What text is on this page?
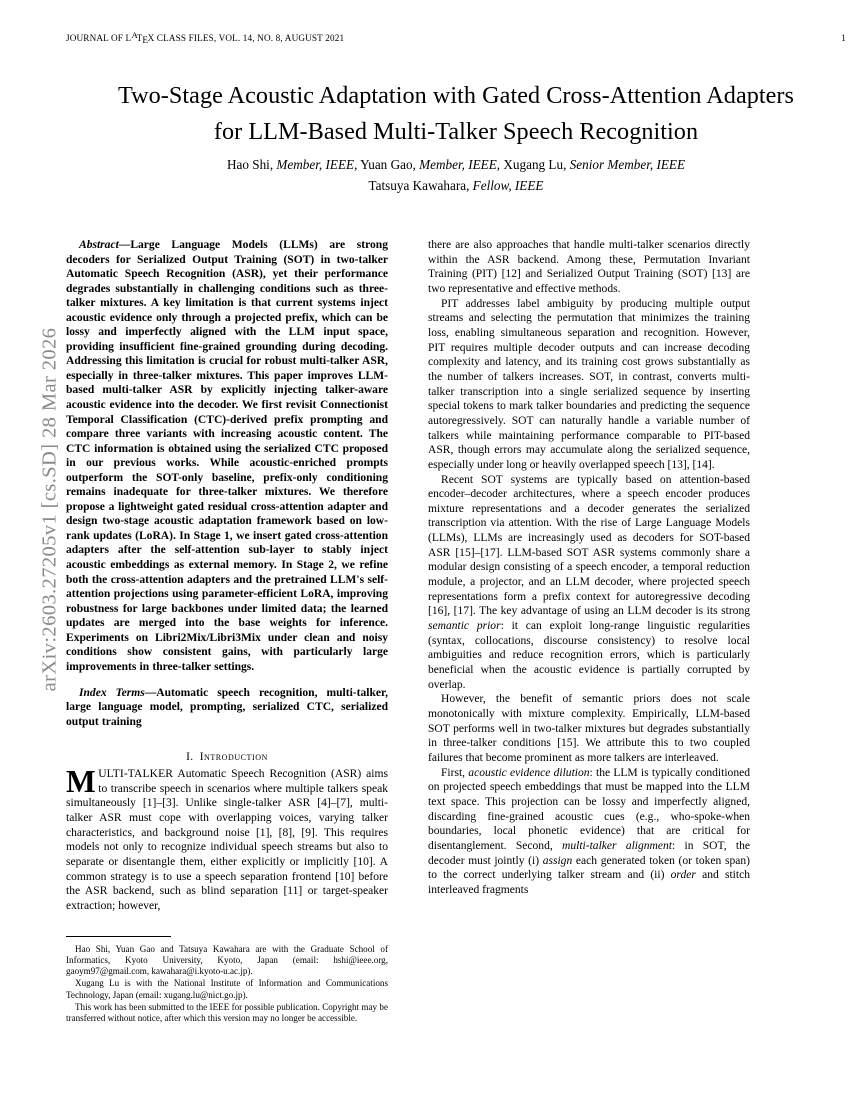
arXiv:2603.27205v1 [cs.SD] 28 Mar 2026
JOURNAL OF LATEX CLASS FILES, VOL. 14, NO. 8, AUGUST 2021	1
Two-Stage Acoustic Adaptation with Gated Cross-Attention Adapters
for LLM-Based Multi-Talker Speech Recognition
Hao Shi, Member, IEEE, Yuan Gao, Member, IEEE, Xugang Lu, Senior Member, IEEE
Tatsuya Kawahara, Fellow, IEEE

Abstract—Large Language Models (LLMs) are strong decoders for Serialized Output Training (SOT) in two-talker Automatic Speech Recognition (ASR), yet their performance degrades substantially in challenging conditions such as three-talker mixtures. A key limitation is that current systems inject acoustic evidence only through a projected prefix, which can be lossy and imperfectly aligned with the LLM input space, providing insufficient fine-grained grounding during decoding. Addressing this limitation is crucial for robust multi-talker ASR, especially in three-talker mixtures. This paper improves LLM-based multi-talker ASR by explicitly injecting talker-aware acoustic evidence into the decoder. We first revisit Connectionist Temporal Classification (CTC)-derived prefix prompting and compare three variants with increasing acoustic content. The CTC information is obtained using the serialized CTC proposed in our previous works. While acoustic-enriched prompts outperform the SOT-only baseline, prefix-only conditioning remains inadequate for three-talker mixtures. We therefore propose a lightweight gated residual cross-attention adapter and design two-stage acoustic adaptation framework based on low-rank updates (LoRA). In Stage 1, we insert gated cross-attention adapters after the self-attention sub-layer to stably inject acoustic embeddings as external memory. In Stage 2, we refine both the cross-attention adapters and the pretrained LLM's self-attention projections using parameter-efficient LoRA, improving robustness for large backbones under limited data; the learned updates are merged into the base weights for inference. Experiments on Libri2Mix/Libri3Mix under clean and noisy conditions show consistent gains, with particularly large improvements in three-talker settings.

Index Terms—Automatic speech recognition, multi-talker, large language model, prompting, serialized CTC, serialized output training

I. Introduction

MULTI-TALKER Automatic Speech Recognition (ASR) aims to transcribe speech in scenarios where multiple talkers speak simultaneously [1]–[3]. Unlike single-talker ASR [4]–[7], multi-talker ASR must cope with overlapping voices, varying talker characteristics, and background noise [1], [8], [9]. This requires models not only to recognize individual speech streams but also to separate or disentangle them, either explicitly or implicitly [10]. A common strategy is to use a speech separation frontend [10] before the ASR backend, such as blind separation [11] or target-speaker extraction; however,

there are also approaches that handle multi-talker scenarios directly within the ASR backend. Among these, Permutation Invariant Training (PIT) [12] and Serialized Output Training (SOT) [13] are two representative and effective methods.

PIT addresses label ambiguity by producing multiple output streams and selecting the permutation that minimizes the training loss, enabling simultaneous separation and recognition. However, PIT requires multiple decoder outputs and can increase decoding complexity and latency, and its training cost grows substantially as the number of talkers increases. SOT, in contrast, converts multi-talker transcription into a single serialized sequence by inserting special tokens to mark talker boundaries and predicting the sequence autoregressively. SOT can naturally handle a variable number of talkers while maintaining performance comparable to PIT-based ASR, though errors may accumulate along the serialized sequence, especially under long or heavily overlapped speech [13], [14].

Recent SOT systems are typically based on attention-based encoder–decoder architectures, where a speech encoder produces mixture representations and a decoder generates the serialized transcription via attention. With the rise of Large Language Models (LLMs), LLMs are increasingly used as decoders for SOT-based ASR [15]–[17]. LLM-based SOT ASR systems commonly share a modular design consisting of a speech encoder, a temporal reduction module, a projector, and an LLM decoder, where projected speech representations form a prefix context for autoregressive decoding [16], [17]. The key advantage of using an LLM decoder is its strong semantic prior: it can exploit long-range linguistic regularities (syntax, collocations, discourse consistency) to resolve local ambiguities and reduce recognition errors, which is particularly beneficial when the acoustic evidence is partially corrupted by overlap.

However, the benefit of semantic priors does not scale monotonically with mixture complexity. Empirically, LLM-based SOT performs well in two-talker mixtures but degrades substantially in three-talker conditions [15]. We attribute this to two coupled failures that become prominent as more talkers are interleaved.

First, acoustic evidence dilution: the LLM is typically conditioned on projected speech embeddings that must be mapped into the LLM text space. This projection can be lossy and imperfectly aligned, discarding fine-grained acoustic cues (e.g., who-spoke-when boundaries, local phonetic evidence) that are critical for disentanglement. Second, multi-talker alignment: in SOT, the decoder must jointly (i) assign each generated token (or token span) to the correct underlying talker stream and (ii) order and stitch interleaved fragments

Hao Shi, Yuan Gao and Tatsuya Kawahara are with the Graduate School of Informatics, Kyoto University, Kyoto, Japan (email: hshi@ieee.org, gaoym97@gmail.com, kawahara@i.kyoto-u.ac.jp).

Xugang Lu is with the National Institute of Information and Communications Technology, Japan (email: xugang.lu@nict.go.jp).

This work has been submitted to the IEEE for possible publication. Copyright may be transferred without notice, after which this version may no longer be accessible.
